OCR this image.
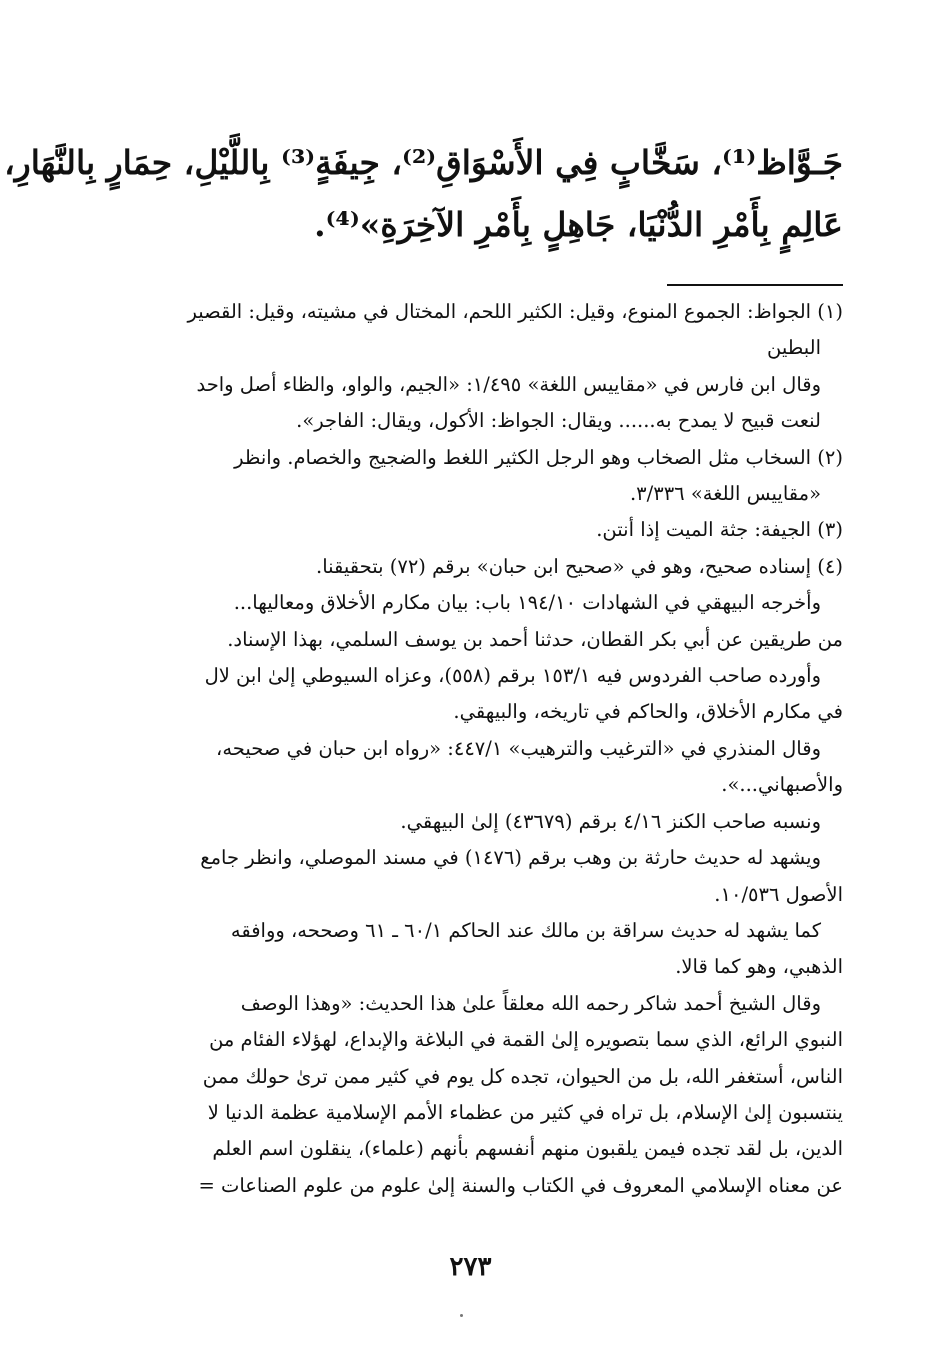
جَـوَّاظ⁽¹⁾، سَخَّابٍ فِي الأَسْوَاقِ⁽²⁾، جِيفَةٍ⁽³⁾ بِاللَّيْلِ، حِمَارٍ بِالنَّهَارِ،
عَالِمٍ بِأَمْرِ الدُّنْيَا، جَاهِلٍ بِأَمْرِ الآخِرَةِ»⁽⁴⁾.
(١) الجواظ: الجموع المنوع، وقيل: الكثير اللحم، المختال في مشيته، وقيل: القصير
البطين
وقال ابن فارس في «مقاييس اللغة» ١/٤٩٥: «الجيم، والواو، والظاء أصل واحد
لنعت قبيح لا يمدح به...... ويقال: الجواظ: الأكول، ويقال: الفاجر».
(٢) السخاب مثل الصخاب وهو الرجل الكثير اللغط والضجيج والخصام. وانظر
«مقاييس اللغة» ٣/٣٣٦.
(٣) الجيفة: جثة الميت إذا أنتن.
(٤) إسناده صحيح، وهو في «صحيح ابن حبان» برقم (٧٢) بتحقيقنا.
وأخرجه البيهقي في الشهادات ١٩٤/١٠ باب: بيان مكارم الأخلاق ومعاليها...
من طريقين عن أبي بكر القطان، حدثنا أحمد بن يوسف السلمي، بهذا الإسناد.
وأورده صاحب الفردوس فيه ١٥٣/١ برقم (٥٥٨)، وعزاه السيوطي إلىٰ ابن لال
في مكارم الأخلاق، والحاكم في تاريخه، والبيهقي.
وقال المنذري في «الترغيب والترهيب» ٤٤٧/١: «رواه ابن حبان في صحيحه،
والأصبهاني...».
ونسبه صاحب الكنز ٤/١٦ برقم (٤٣٦٧٩) إلىٰ البيهقي.
ويشهد له حديث حارثة بن وهب برقم (١٤٧٦) في مسند الموصلي، وانظر جامع
الأصول ١٠/٥٣٦.
كما يشهد له حديث سراقة بن مالك عند الحاكم ٦٠/١ ـ ٦١ وصححه، ووافقه
الذهبي، وهو كما قالا.
وقال الشيخ أحمد شاكر رحمه الله معلقاً علىٰ هذا الحديث: «وهذا الوصف
النبوي الرائع، الذي سما بتصويره إلىٰ القمة في البلاغة والإبداع، لهؤلاء الفئام من
الناس، أستغفر الله، بل من الحيوان، تجده كل يوم في كثير ممن ترىٰ حولك ممن
ينتسبون إلىٰ الإسلام، بل تراه في كثير من عظماء الأمم الإسلامية عظمة الدنيا لا
الدين، بل لقد تجده فيمن يلقبون منهم أنفسهم بأنهم (علماء)، ينقلون اسم العلم
عن معناه الإسلامي المعروف في الكتاب والسنة إلىٰ علوم من علوم الصناعات =
٢٧٣
